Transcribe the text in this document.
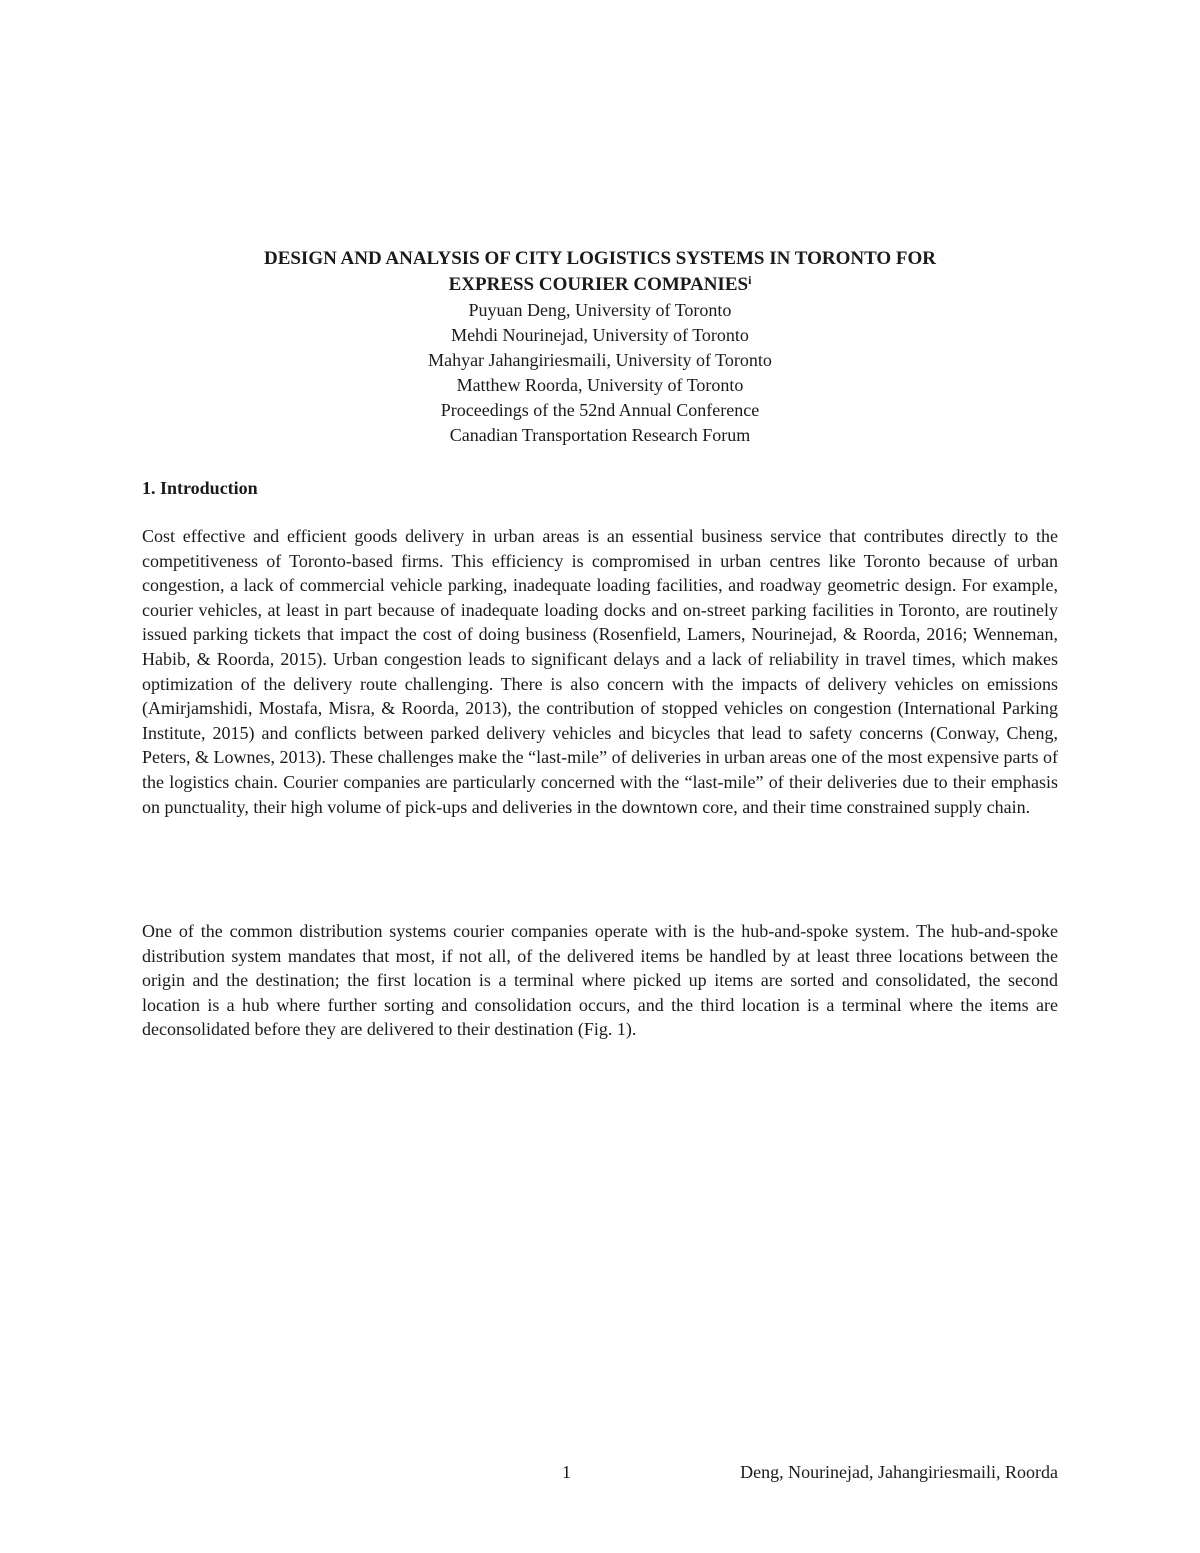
DESIGN AND ANALYSIS OF CITY LOGISTICS SYSTEMS IN TORONTO FOR
EXPRESS COURIER COMPANIES$^i$

Puyuan Deng, University of Toronto

Mehdi Nourinejad, University of Toronto

Mahyar Jahangiriesmaili, University of Toronto

Matthew Roorda, University of Toronto

Proceedings of the 52nd Annual Conference

Canadian Transportation Research Forum

1. Introduction

Cost effective and efficient goods delivery in urban areas is an essential business service that contributes directly to the competitiveness of Toronto-based firms. This efficiency is compromised in urban centres like Toronto because of urban congestion, a lack of commercial vehicle parking, inadequate loading facilities, and roadway geometric design. For example, courier vehicles, at least in part because of inadequate loading docks and on-street parking facilities in Toronto, are routinely issued parking tickets that impact the cost of doing business (Rosenfield, Lamers, Nourinejad, & Roorda, 2016; Wenneman, Habib, & Roorda, 2015). Urban congestion leads to significant delays and a lack of reliability in travel times, which makes optimization of the delivery route challenging. There is also concern with the impacts of delivery vehicles on emissions (Amirjamshidi, Mostafa, Misra, & Roorda, 2013), the contribution of stopped vehicles on congestion (International Parking Institute, 2015) and conflicts between parked delivery vehicles and bicycles that lead to safety concerns (Conway, Cheng, Peters, & Lownes, 2013). These challenges make the “last-mile” of deliveries in urban areas one of the most expensive parts of the logistics chain. Courier companies are particularly concerned with the “last-mile” of their deliveries due to their emphasis on punctuality, their high volume of pick-ups and deliveries in the downtown core, and their time constrained supply chain.

One of the common distribution systems courier companies operate with is the hub-and-spoke system. The hub-and-spoke distribution system mandates that most, if not all, of the delivered items be handled by at least three locations between the origin and the destination; the first location is a terminal where picked up items are sorted and consolidated, the second location is a hub where further sorting and consolidation occurs, and the third location is a terminal where the items are deconsolidated before they are delivered to their destination (Fig. 1).

1	Deng, Nourinejad, Jahangiriesmaili, Roorda
